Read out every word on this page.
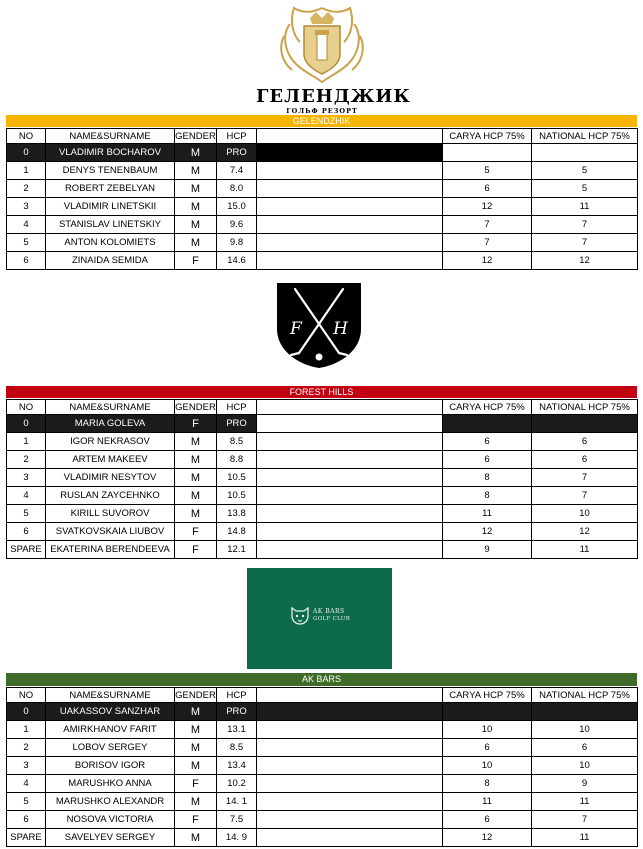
ГЕЛЕНДЖИК
ГОЛЬФ РЕЗОРТ
GELENDZHIK
NO	NAME&SURNAME	GENDER	HCP		CARYA HCP 75%	NATIONAL HCP 75%
0	VLADIMIR BOCHAROV	M	PRO			
1	DENYS TENENBAUM	M	7.4		5	5
2	ROBERT ZEBELYAN	M	8.0		6	5
3	VLADIMIR LINETSKII	M	15.0		12	11
4	STANISLAV LINETSKIY	M	9.6		7	7
5	ANTON KOLOMIETS	M	9.8		7	7
6	ZINAIDA SEMIDA	F	14.6		12	12
F H
FOREST HILLS
NO	NAME&SURNAME	GENDER	HCP		CARYA HCP 75%	NATIONAL HCP 75%
0	MARIA GOLEVA	F	PRO			
1	IGOR NEKRASOV	M	8.5		6	6
2	ARTEM MAKEEV	M	8.8		6	6
3	VLADIMIR NESYTOV	M	10.5		8	7
4	RUSLAN ZAYCEHNKO	M	10.5		8	7
5	KIRILL SUVOROV	M	13.8		11	10
6	SVATKOVSKAIA LIUBOV	F	14.8		12	12
SPARE	EKATERINA BERENDEEVA	F	12.1		9	11
AK BARS
GOLF CLUB
AK BARS
NO	NAME&SURNAME	GENDER	HCP		CARYA HCP 75%	NATIONAL HCP 75%
0	UAKASSOV SANZHAR	M	PRO			
1	AMIRKHANOV FARIT	M	13.1		10	10
2	LOBOV SERGEY	M	8.5		6	6
3	BORISOV IGOR	M	13.4		10	10
4	MARUSHKO ANNA	F	10.2		8	9
5	MARUSHKO ALEXANDR	M	14. 1		11	11
6	NOSOVA VICTORIA	F	7.5		6	7
SPARE	SAVELYEV SERGEY	M	14. 9		12	11
